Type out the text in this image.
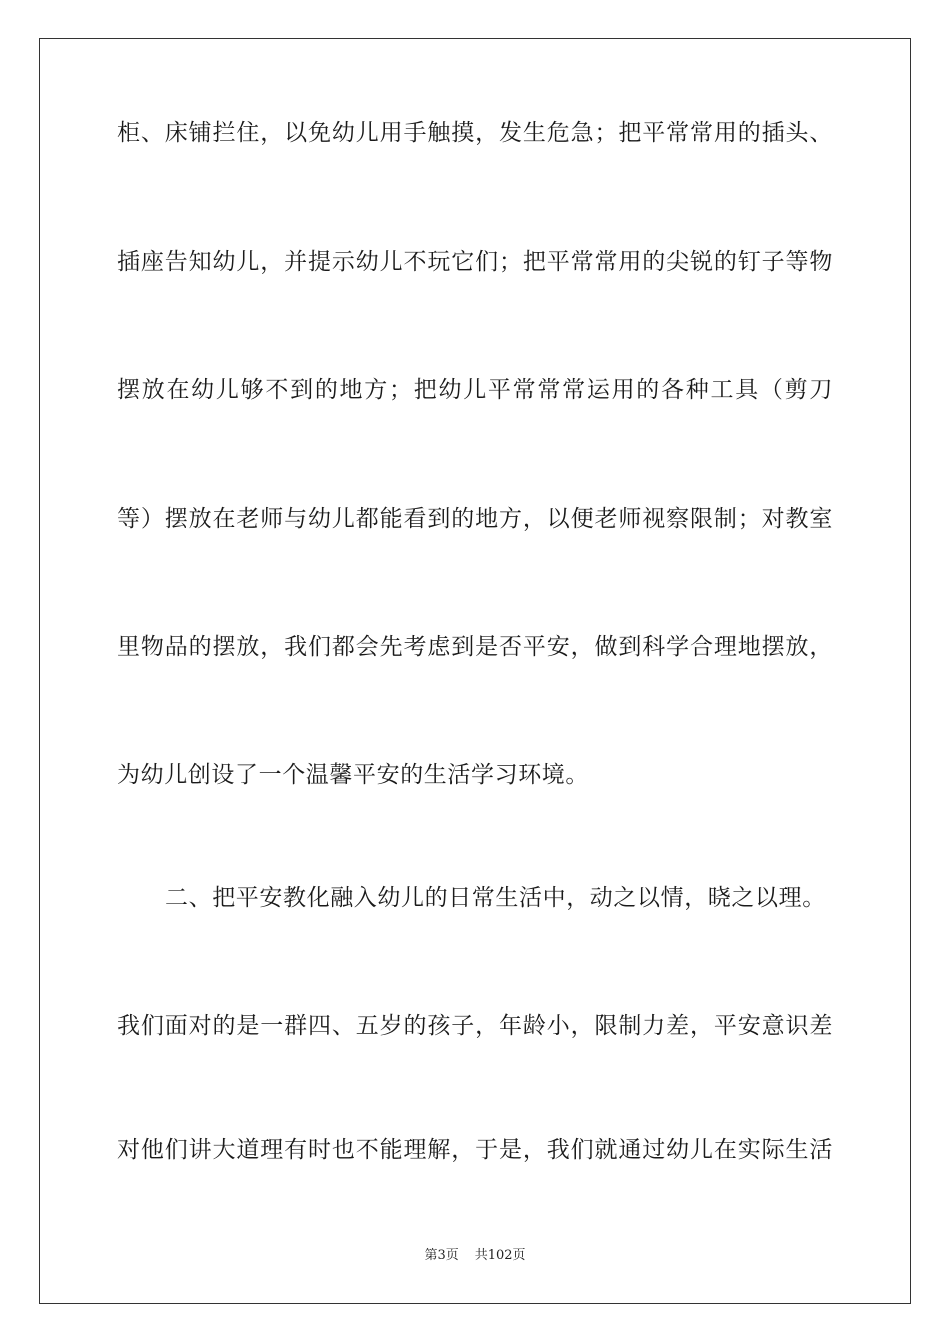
柜、床铺拦住，以免幼儿用手触摸，发生危急；把平常常用的插头、
插座告知幼儿，并提示幼儿不玩它们；把平常常用的尖锐的钉子等物
摆放在幼儿够不到的地方；把幼儿平常常常运用的各种工具（剪刀
等）摆放在老师与幼儿都能看到的地方，以便老师视察限制；对教室
里物品的摆放，我们都会先考虑到是否平安，做到科学合理地摆放，
为幼儿创设了一个温馨平安的生活学习环境。
二、把平安教化融入幼儿的日常生活中，动之以情，晓之以理。
我们面对的是一群四、五岁的孩子，年龄小，限制力差，平安意识差
对他们讲大道理有时也不能理解，于是，我们就通过幼儿在实际生活
第3页 共102页
